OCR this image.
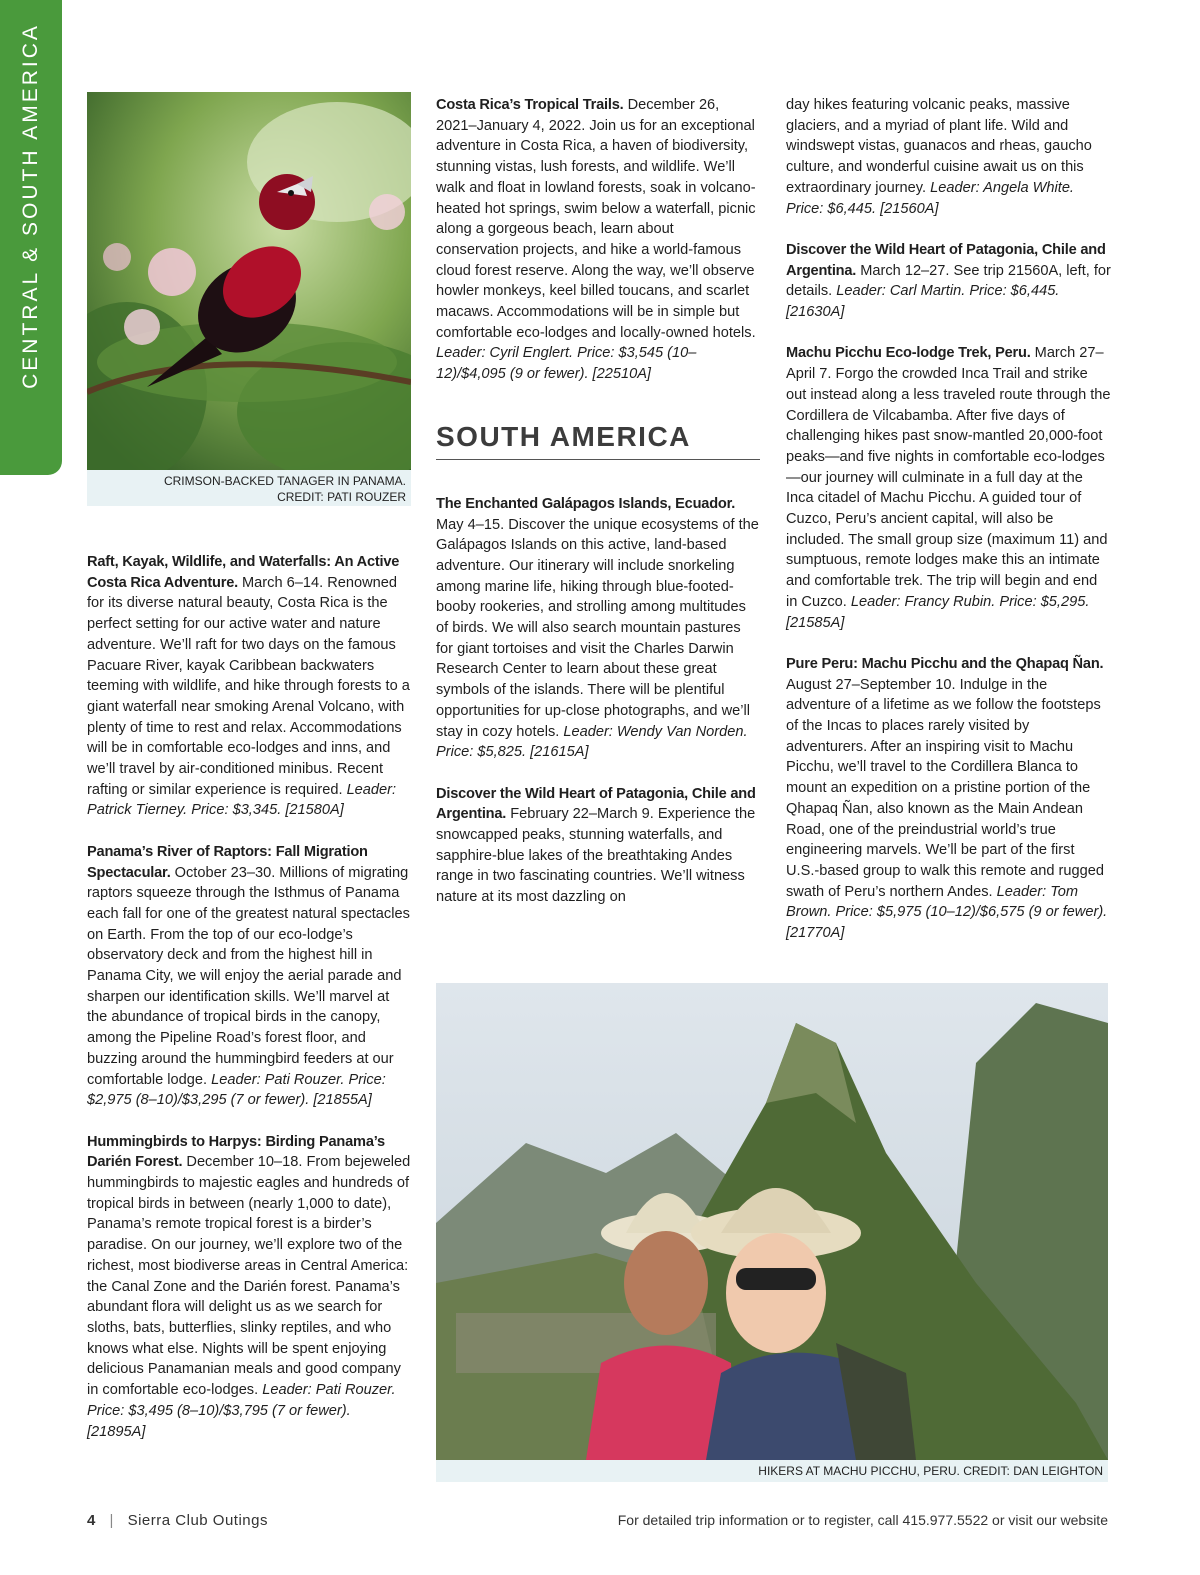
CENTRAL & SOUTH AMERICA
CRIMSON-BACKED TANAGER IN PANAMA.
CREDIT: PATI ROUZER

Raft, Kayak, Wildlife, and Waterfalls: An Active Costa Rica Adventure. March 6–14. Renowned for its diverse natural beauty, Costa Rica is the perfect setting for our active water and nature adventure. We’ll raft for two days on the famous Pacuare River, kayak Caribbean backwaters teeming with wildlife, and hike through forests to a giant waterfall near smoking Arenal Volcano, with plenty of time to rest and relax. Accommodations will be in comfortable eco-lodges and inns, and we’ll travel by air-conditioned minibus. Recent rafting or similar experience is required. Leader: Patrick Tierney. Price: $3,345. [21580A]

Panama’s River of Raptors: Fall Migration Spectacular. October 23–30. Millions of migrating raptors squeeze through the Isthmus of Panama each fall for one of the greatest natural spectacles on Earth. From the top of our eco-lodge’s observatory deck and from the highest hill in Panama City, we will enjoy the aerial parade and sharpen our identification skills. We’ll marvel at the abundance of tropical birds in the canopy, among the Pipeline Road’s forest floor, and buzzing around the hummingbird feeders at our comfortable lodge. Leader: Pati Rouzer. Price: $2,975 (8–10)/$3,295 (7 or fewer). [21855A]

Hummingbirds to Harpys: Birding Panama’s Darién Forest. December 10–18. From bejeweled hummingbirds to majestic eagles and hundreds of tropical birds in between (nearly 1,000 to date), Panama’s remote tropical forest is a birder’s paradise. On our journey, we’ll explore two of the richest, most biodiverse areas in Central America: the Canal Zone and the Darién forest. Panama’s abundant flora will delight us as we search for sloths, bats, butterflies, slinky reptiles, and who knows what else. Nights will be spent enjoying delicious Panamanian meals and good company in comfortable eco-lodges. Leader: Pati Rouzer. Price: $3,495 (8–10)/$3,795 (7 or fewer). [21895A]

Costa Rica’s Tropical Trails. December 26, 2021–January 4, 2022. Join us for an exceptional adventure in Costa Rica, a haven of biodiversity, stunning vistas, lush forests, and wildlife. We’ll walk and float in lowland forests, soak in volcano-heated hot springs, swim below a waterfall, picnic along a gorgeous beach, learn about conservation projects, and hike a world-famous cloud forest reserve. Along the way, we’ll observe howler monkeys, keel billed toucans, and scarlet macaws. Accommodations will be in simple but comfortable eco-lodges and locally-owned hotels. Leader: Cyril Englert. Price: $3,545 (10–12)/$4,095 (9 or fewer). [22510A]

SOUTH AMERICA

The Enchanted Galápagos Islands, Ecuador. May 4–15. Discover the unique ecosystems of the Galápagos Islands on this active, land-based adventure. Our itinerary will include snorkeling among marine life, hiking through blue-footed-booby rookeries, and strolling among multitudes of birds. We will also search mountain pastures for giant tortoises and visit the Charles Darwin Research Center to learn about these great symbols of the islands. There will be plentiful opportunities for up-close photographs, and we’ll stay in cozy hotels. Leader: Wendy Van Norden. Price: $5,825. [21615A]

Discover the Wild Heart of Patagonia, Chile and Argentina. February 22–March 9. Experience the snowcapped peaks, stunning waterfalls, and sapphire-blue lakes of the breathtaking Andes range in two fascinating countries. We’ll witness nature at its most dazzling on

day hikes featuring volcanic peaks, massive glaciers, and a myriad of plant life. Wild and windswept vistas, guanacos and rheas, gaucho culture, and wonderful cuisine await us on this extraordinary journey. Leader: Angela White. Price: $6,445. [21560A]

Discover the Wild Heart of Patagonia, Chile and Argentina. March 12–27. See trip 21560A, left, for details. Leader: Carl Martin. Price: $6,445. [21630A]

Machu Picchu Eco-lodge Trek, Peru. March 27–April 7. Forgo the crowded Inca Trail and strike out instead along a less traveled route through the Cordillera de Vilcabamba. After five days of challenging hikes past snow-mantled 20,000-foot peaks—and five nights in comfortable eco-lodges—our journey will culminate in a full day at the Inca citadel of Machu Picchu. A guided tour of Cuzco, Peru’s ancient capital, will also be included. The small group size (maximum 11) and sumptuous, remote lodges make this an intimate and comfortable trek. The trip will begin and end in Cuzco. Leader: Francy Rubin. Price: $5,295. [21585A]

Pure Peru: Machu Picchu and the Qhapaq Ñan. August 27–September 10. Indulge in the adventure of a lifetime as we follow the footsteps of the Incas to places rarely visited by adventurers. After an inspiring visit to Machu Picchu, we’ll travel to the Cordillera Blanca to mount an expedition on a pristine portion of the Qhapaq Ñan, also known as the Main Andean Road, one of the preindustrial world’s true engineering marvels. We’ll be part of the first U.S.-based group to walk this remote and rugged swath of Peru’s northern Andes. Leader: Tom Brown. Price: $5,975 (10–12)/$6,575 (9 or fewer). [21770A]

HIKERS AT MACHU PICCHU, PERU. CREDIT: DAN LEIGHTON
4 | Sierra Club Outings	For detailed trip information or to register, call 415.977.5522 or visit our website
